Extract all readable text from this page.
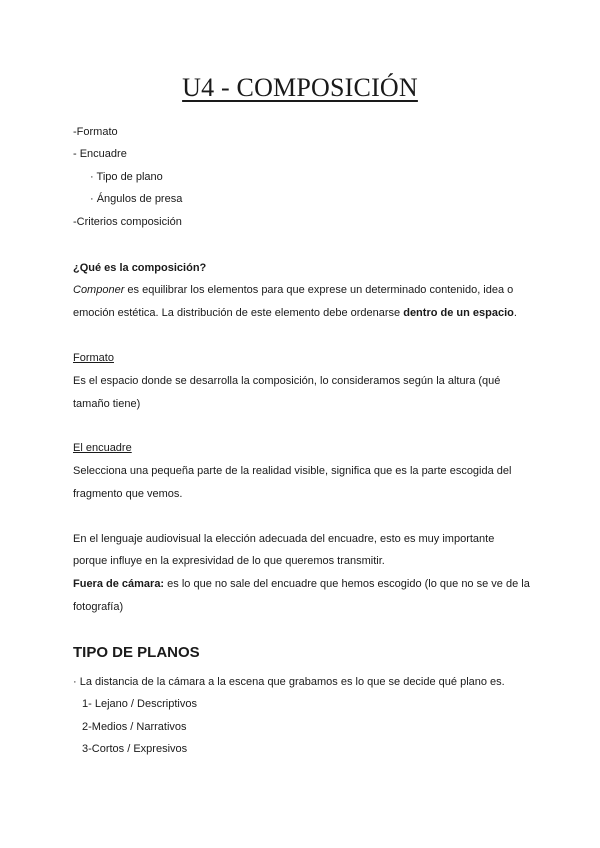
U4 - COMPOSICIÓN
-Formato
- Encuadre
· Tipo de plano
· Ángulos de presa
-Criterios composición
¿Qué es la composición?
Componer es equilibrar los elementos para que exprese un determinado contenido, idea o
emoción estética. La distribución de este elemento debe ordenarse dentro de un espacio.
Formato
Es el espacio donde se desarrolla la composición, lo consideramos según la altura (qué
tamaño tiene)
El encuadre
Selecciona una pequeña parte de la realidad visible, significa que es la parte escogida del
fragmento que vemos.
En el lenguaje audiovisual la elección adecuada del encuadre, esto es muy importante
porque influye en la expresividad de lo que queremos transmitir.
Fuera de cámara: es lo que no sale del encuadre que hemos escogido (lo que no se ve de la
fotografía)
TIPO DE PLANOS
· La distancia de la cámara a la escena que grabamos es lo que se decide qué plano es.
1- Lejano / Descriptivos
2-Medios / Narrativos
3-Cortos / Expresivos
